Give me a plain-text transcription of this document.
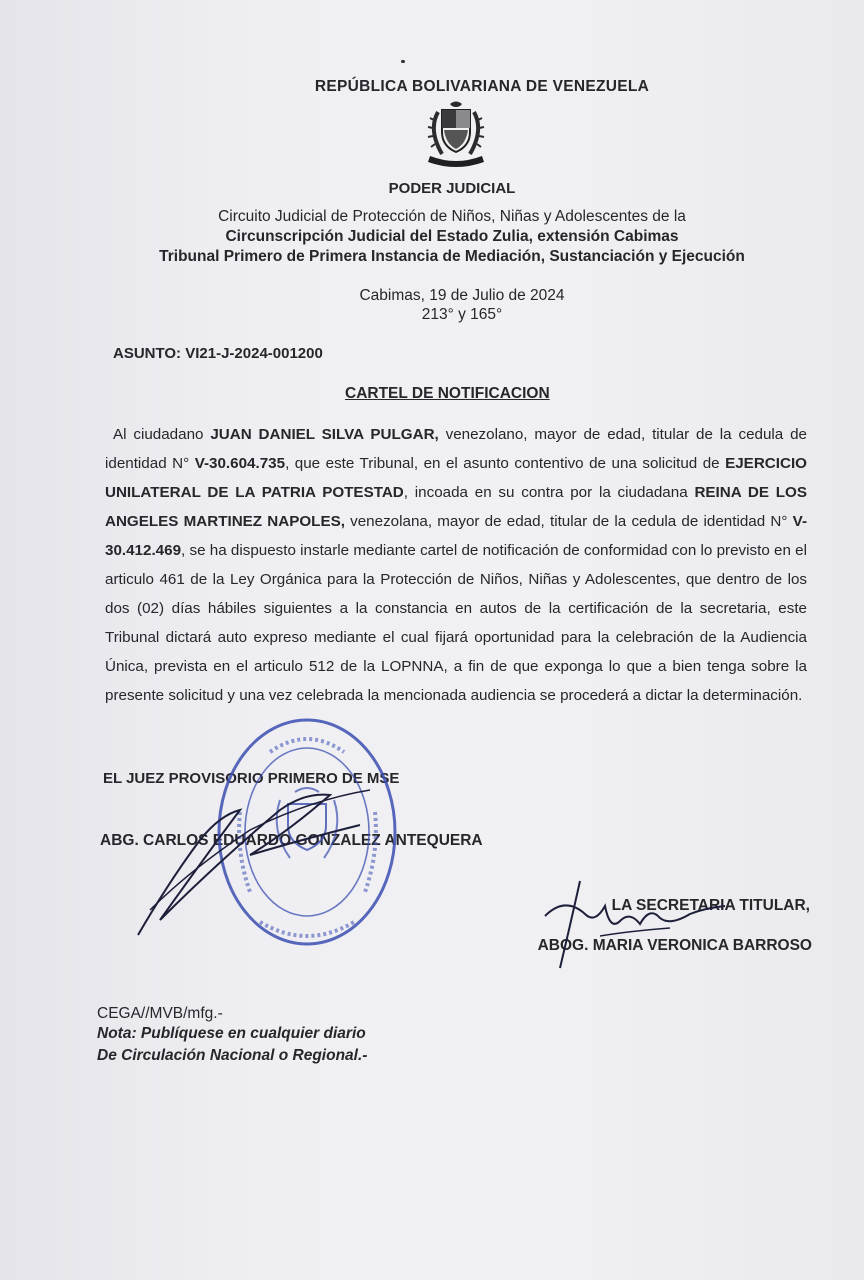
REPÚBLICA BOLIVARIANA DE VENEZUELA
PODER JUDICIAL
Circuito Judicial de Protección de Niños, Niñas y Adolescentes de la
Circunscripción Judicial del Estado Zulia, extensión Cabimas
Tribunal Primero de Primera Instancia de Mediación, Sustanciación y Ejecución
Cabimas, 19 de Julio de 2024
213° y 165°
ASUNTO: VI21-J-2024-001200
CARTEL DE NOTIFICACION

Al ciudadano JUAN DANIEL SILVA PULGAR, venezolano, mayor de edad, titular de la cedula de identidad N° V-30.604.735, que este Tribunal, en el asunto contentivo de una solicitud de EJERCICIO UNILATERAL DE LA PATRIA POTESTAD, incoada en su contra por la ciudadana REINA DE LOS ANGELES MARTINEZ NAPOLES, venezolana, mayor de edad, titular de la cedula de identidad N° V-30.412.469, se ha dispuesto instarle mediante cartel de notificación de conformidad con lo previsto en el articulo 461 de la Ley Orgánica para la Protección de Niños, Niñas y Adolescentes, que dentro de los dos (02) días hábiles siguientes a la constancia en autos de la certificación de la secretaria, este Tribunal dictará auto expreso mediante el cual fijará oportunidad para la celebración de la Audiencia Única, prevista en el articulo 512 de la LOPNNA, a fin de que exponga lo que a bien tenga sobre la presente solicitud y una vez celebrada la mencionada audiencia se procederá a dictar la determinación.

EL JUEZ PROVISORIO PRIMERO DE MSE
ABG. CARLOS EDUARDO GONZALEZ ANTEQUERA
LA SECRETARIA TITULAR,
ABOG. MARIA VERONICA BARROSO
CEGA//MVB/mfg.-
Nota: Publíquese en cualquier diario
De Circulación Nacional o Regional.-
